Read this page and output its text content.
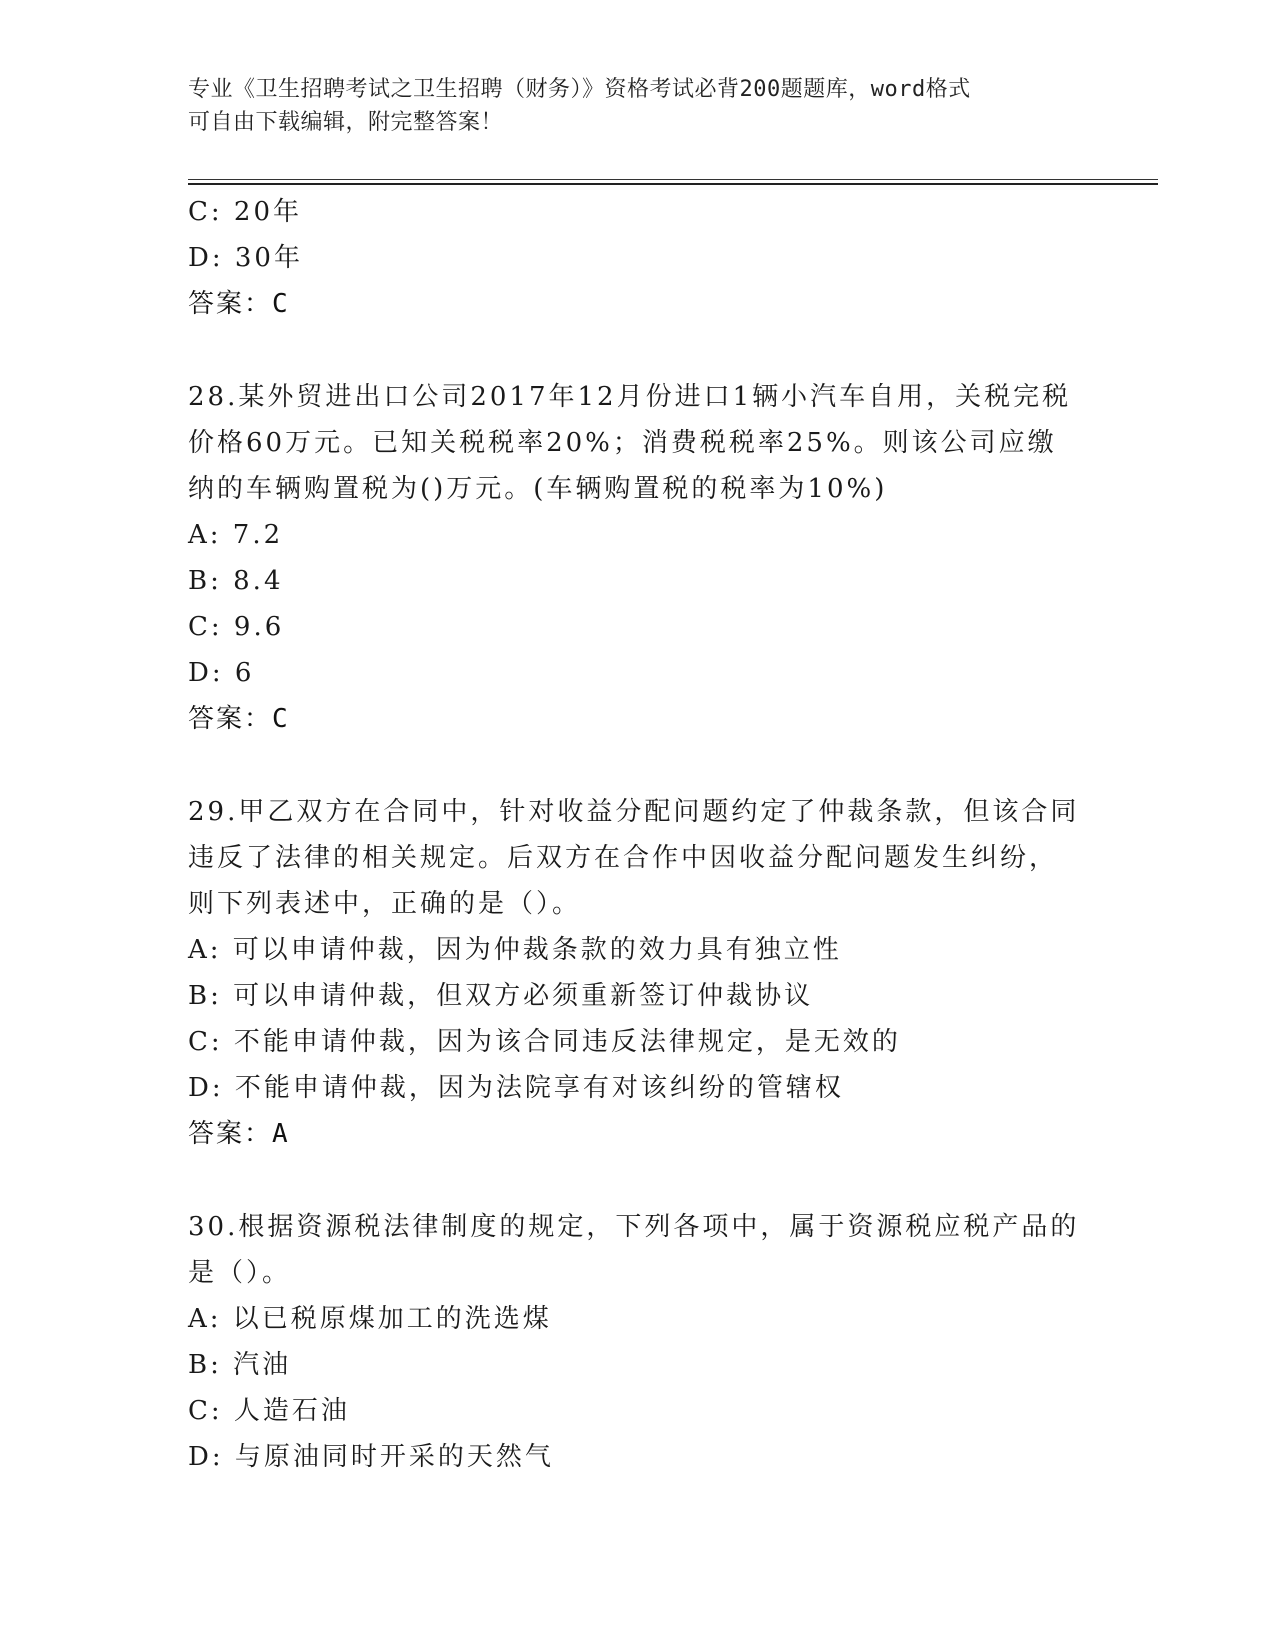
专业《卫生招聘考试之卫生招聘（财务）》资格考试必背200题题库，word格式
可自由下载编辑，附完整答案！
C: 20年
D: 30年
答案：C
28.某外贸进出口公司2017年12月份进口1辆小汽车自用，关税完税
价格60万元。已知关税税率20%；消费税税率25%。则该公司应缴
纳的车辆购置税为()万元。(车辆购置税的税率为10%)
A: 7.2
B: 8.4
C: 9.6
D: 6
答案：C
29.甲乙双方在合同中，针对收益分配问题约定了仲裁条款，但该合同
违反了法律的相关规定。后双方在合作中因收益分配问题发生纠纷，
则下列表述中，正确的是（）。
A: 可以申请仲裁，因为仲裁条款的效力具有独立性
B: 可以申请仲裁，但双方必须重新签订仲裁协议
C: 不能申请仲裁，因为该合同违反法律规定，是无效的
D: 不能申请仲裁，因为法院享有对该纠纷的管辖权
答案：A
30.根据资源税法律制度的规定，下列各项中，属于资源税应税产品的
是（）。
A: 以已税原煤加工的洗选煤
B: 汽油
C: 人造石油
D: 与原油同时开采的天然气
